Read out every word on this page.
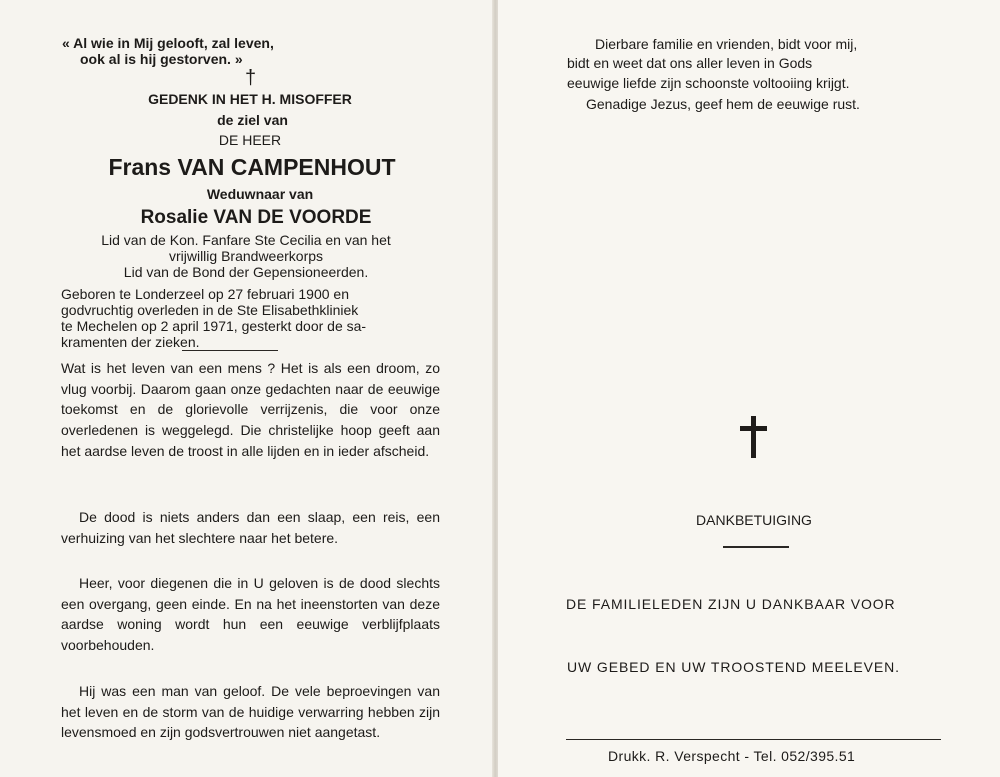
« Al wie in Mij gelooft, zal leven,
ook al is hij gestorven. »
†
GEDENK IN HET H. MISOFFER
de ziel van
DE HEER
Frans VAN CAMPENHOUT
Weduwnaar van
Rosalie VAN DE VOORDE
Lid van de Kon. Fanfare Ste Cecilia en van het
vrijwillig Brandweerkorps
Lid van de Bond der Gepensioneerden.
Geboren te Londerzeel op 27 februari 1900 en
godvruchtig overleden in de Ste Elisabethkliniek
te Mechelen op 2 april 1971, gesterkt door de sa-
kramenten der zieken.
Wat is het leven van een mens ? Het is als een droom, zo vlug voorbij. Daarom gaan onze gedachten naar de eeuwige toekomst en de glorievolle verrijzenis, die voor onze overledenen is weggelegd. Die christelijke hoop geeft aan het aardse leven de troost in alle lijden en in ieder afscheid.
De dood is niets anders dan een slaap, een reis, een verhuizing van het slechtere naar het betere.
Heer, voor diegenen die in U geloven is de dood slechts een overgang, geen einde. En na het ineenstorten van deze aardse woning wordt hun een eeuwige verblijfplaats voorbehouden.
Hij was een man van geloof. De vele beproevingen van het leven en de storm van de huidige verwarring hebben zijn levensmoed en zijn godsvertrouwen niet aangetast.
Dierbare familie en vrienden, bidt voor mij,
bidt en weet dat ons aller leven in Gods
eeuwige liefde zijn schoonste voltooiing krijgt.
Genadige Jezus, geef hem de eeuwige rust.
DANKBETUIGING
DE FAMILIELEDEN ZIJN U DANKBAAR VOOR
UW GEBED EN UW TROOSTEND MEELEVEN.
Drukk. R. Verspecht - Tel. 052/395.51
